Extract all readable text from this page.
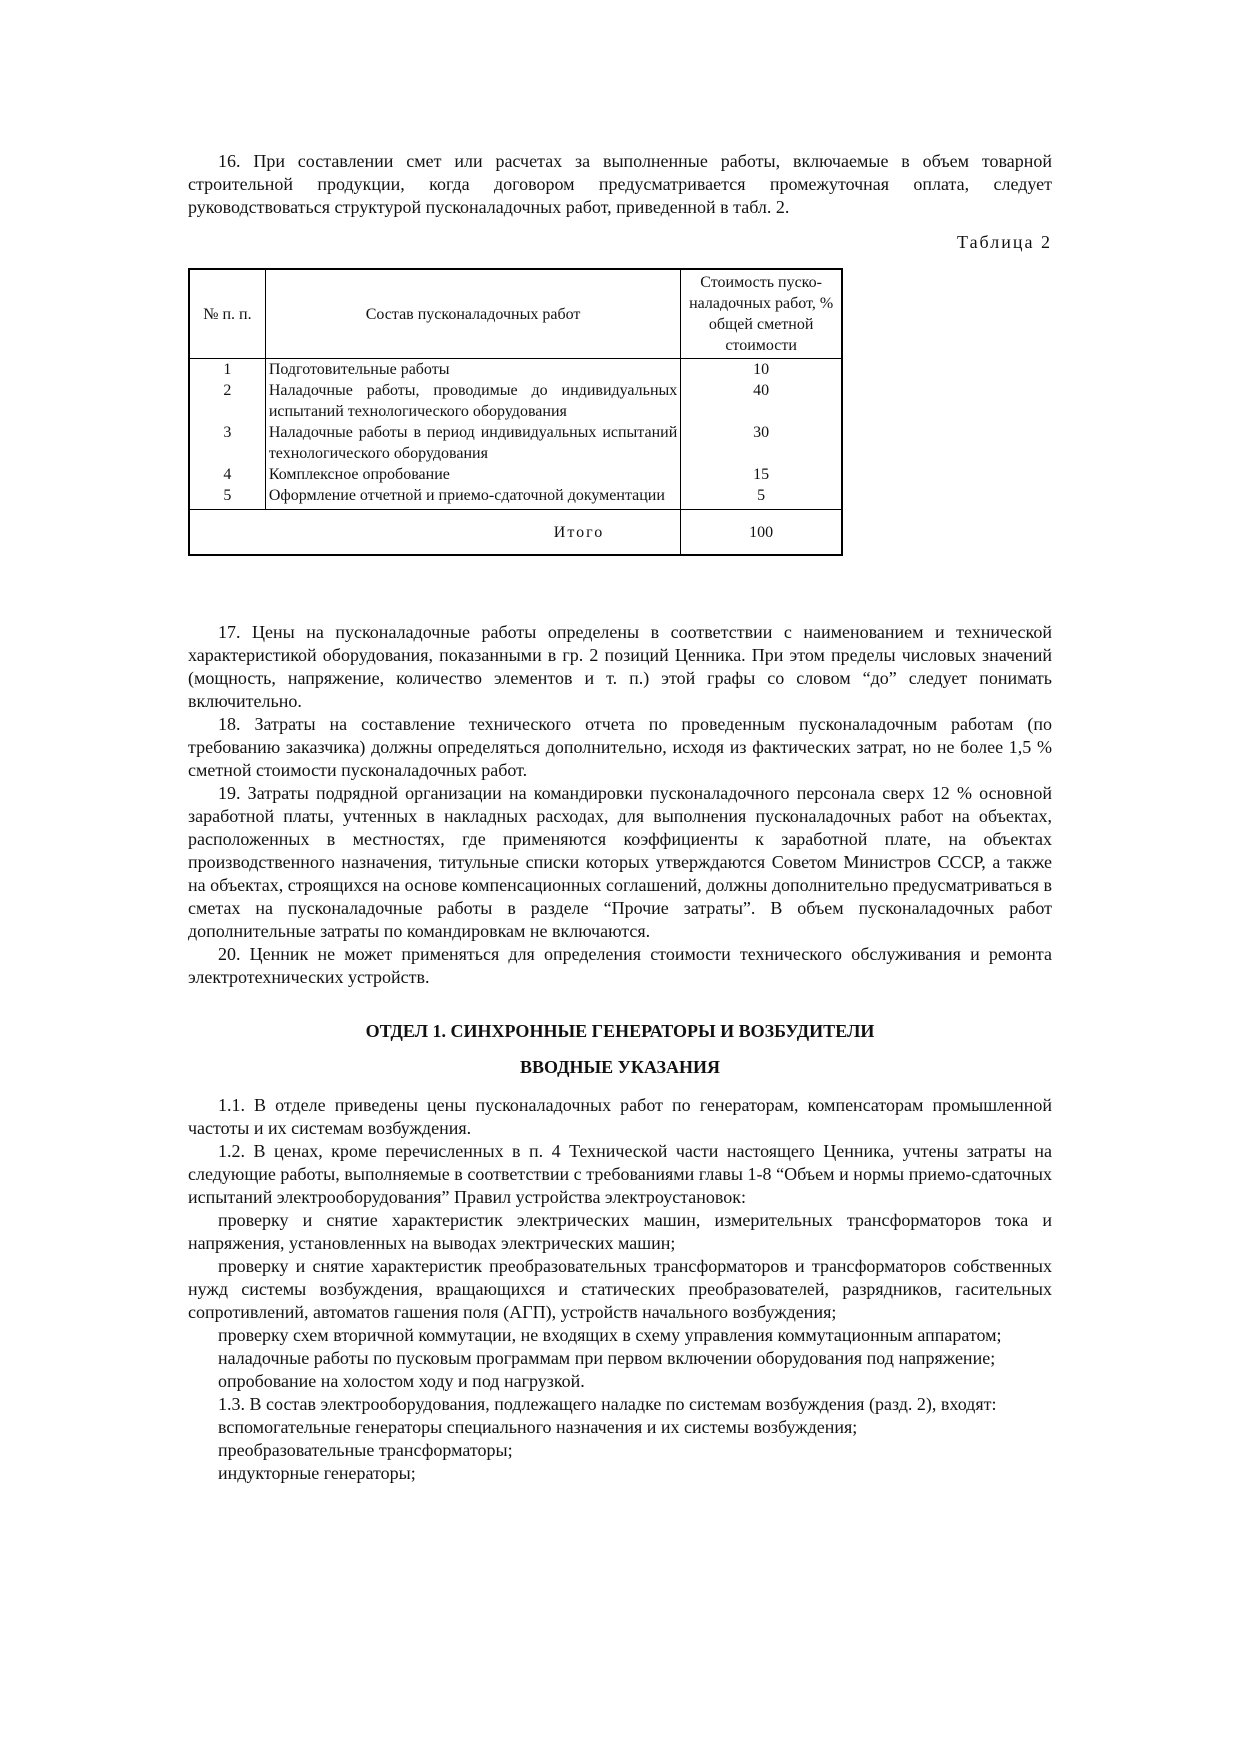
16. При составлении смет или расчетах за выполненные работы, включаемые в объем товарной строительной продукции, когда договором предусматривается промежуточная оплата, следует руководствоваться структурой пусконаладочных работ, приведенной в табл. 2.

Таблица 2
№ п. п.	Состав пусконаладочных работ	Стоимость пуско-наладочных работ, % общей сметной стоимости
1	Подготовительные работы	10
2	Наладочные работы, проводимые до индивидуальных испытаний технологического оборудования	40
3	Наладочные работы в период индивидуальных испытаний технологического оборудования	30
4	Комплексное опробование	15
5	Оформление отчетной и приемо-сдаточной документации	5
Итого		100

17. Цены на пусконаладочные работы определены в соответствии с наименованием и технической характеристикой оборудования, показанными в гр. 2 позиций Ценника. При этом пределы числовых значений (мощность, напряжение, количество элементов и т. п.) этой графы со словом “до” следует понимать включительно.

18. Затраты на составление технического отчета по проведенным пусконаладочным работам (по требованию заказчика) должны определяться дополнительно, исходя из фактических затрат, но не более 1,5 % сметной стоимости пусконаладочных работ.

19. Затраты подрядной организации на командировки пусконаладочного персонала сверх 12 % основной заработной платы, учтенных в накладных расходах, для выполнения пусконаладочных работ на объектах, расположенных в местностях, где применяются коэффициенты к заработной плате, на объектах производственного назначения, титульные списки которых утверждаются Советом Министров СССР, а также на объектах, строящихся на основе компенсационных соглашений, должны дополнительно предусматриваться в сметах на пусконаладочные работы в разделе “Прочие затраты”. В объем пусконаладочных работ дополнительные затраты по командировкам не включаются.

20. Ценник не может применяться для определения стоимости технического обслуживания и ремонта электротехнических устройств.

ОТДЕЛ 1. СИНХРОННЫЕ ГЕНЕРАТОРЫ И ВОЗБУДИТЕЛИ
ВВОДНЫЕ УКАЗАНИЯ

1.1. В отделе приведены цены пусконаладочных работ по генераторам, компенсаторам промышленной частоты и их системам возбуждения.

1.2. В ценах, кроме перечисленных в п. 4 Технической части настоящего Ценника, учтены затраты на следующие работы, выполняемые в соответствии с требованиями главы 1-8 “Объем и нормы приемо-сдаточных испытаний электрооборудования” Правил устройства электроустановок:

проверку и снятие характеристик электрических машин, измерительных трансформаторов тока и напряжения, установленных на выводах электрических машин;

проверку и снятие характеристик преобразовательных трансформаторов и трансформаторов собственных нужд системы возбуждения, вращающихся и статических преобразователей, разрядников, гасительных сопротивлений, автоматов гашения поля (АГП), устройств начального возбуждения;

проверку схем вторичной коммутации, не входящих в схему управления коммутационным аппаратом;

наладочные работы по пусковым программам при первом включении оборудования под напряжение;

опробование на холостом ходу и под нагрузкой.

1.3. В состав электрооборудования, подлежащего наладке по системам возбуждения (разд. 2), входят:

вспомогательные генераторы специального назначения и их системы возбуждения;

преобразовательные трансформаторы;

индукторные генераторы;
